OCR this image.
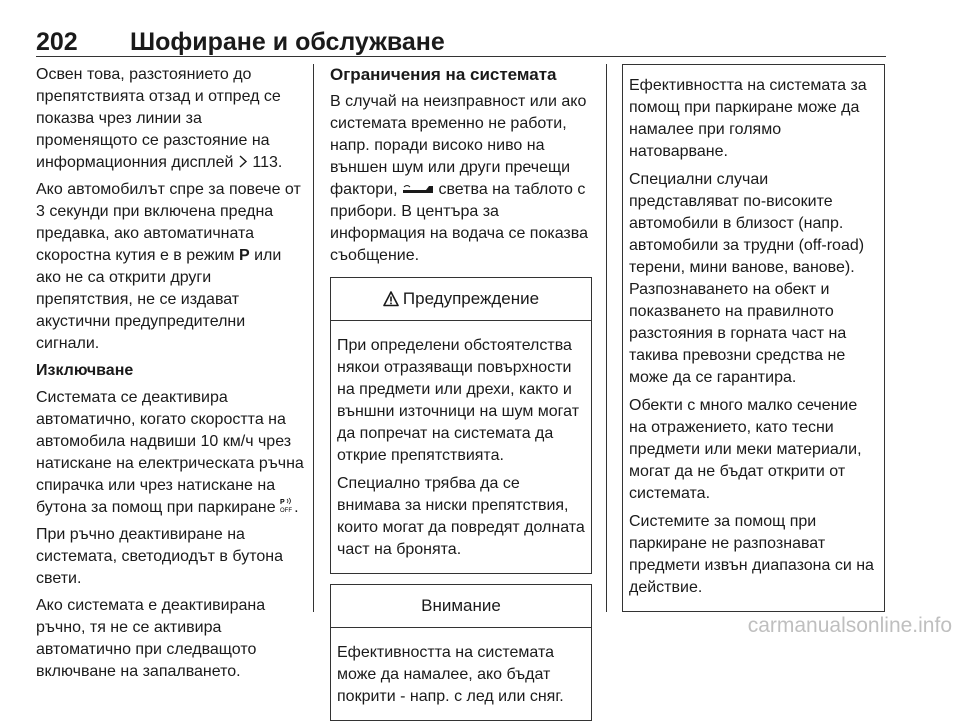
202 Шофиране и обслужване

Освен това, разстоянието до препятствията отзад и отпред се показва чрез линии за променящото се разстояние на информационния дисплей 113.

Ако автомобилът спре за повече от 3 секунди при включена предна предавка, ако автоматичната скоростна кутия е в режим P или ако не са открити други препятствия, не се издават акустични предупредителни сигнали.

Изключване

Системата се деактивира автоматично, когато скоростта на автомобила надвиши 10 км/ч чрез натискане на електрическата ръчна спирачка или чрез натискане на бутона за помощ при паркиране P
OFF .

При ръчно деактивиране на системата, светодиодът в бутона свети.

Ако системата е деактивирана ръчно, тя не се активира автоматично при следващото включване на запалването.

Ограничения на системата

В случай на неизправност или ако системата временно не работи, напр. поради високо ниво на външен шум или други пречещи фактори,	светва на таблото с прибори. В центъра за информация на водача се показва съобщение.

Предупреждение

При определени обстоятелства някои отразяващи повърхности на предмети или дрехи, както и външни източници на шум могат да попречат на системата да открие препятствията.

Специално трябва да се внимава за ниски препятствия, които могат да повредят долната част на бронята.

Внимание

Ефективността на системата може да намалее, ако бъдат покрити - напр. с лед или сняг.

Ефективността на системата за помощ при паркиране може да намалее при голямо натоварване.

Специални случаи представляват по-високите автомобили в близост (напр. автомобили за трудни (off-road) терени, мини ванове, ванове). Разпознаването на обект и показването на правилното разстояния в горната част на такива превозни средства не може да се гарантира.

Обекти с много малко сечение на отражението, като тесни предмети или меки материали, могат да не бъдат открити от системата.

Системите за помощ при паркиране не разпознават предмети извън диапазона си на действие.

carmanualsonline.info
